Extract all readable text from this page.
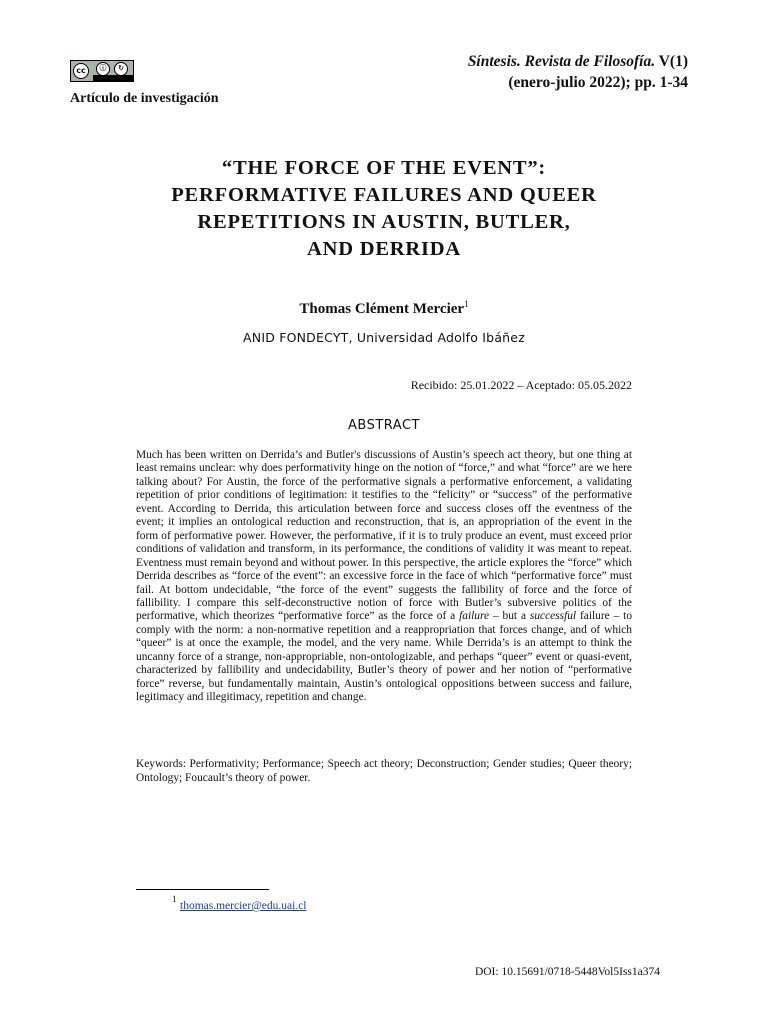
cc	ⓘ	↻
Artículo de investigación
Síntesis. Revista de Filosofía. V(1)
(enero-julio 2022); pp. 1-34
“THE FORCE OF THE EVENT”:
PERFORMATIVE FAILURES AND QUEER
REPETITIONS IN AUSTIN, BUTLER,
AND DERRIDA
Thomas Clément Mercier$^1$
ANID FONDECYT, Universidad Adolfo Ibáñez
Recibido: 25.01.2022 – Aceptado: 05.05.2022
ABSTRACT
Much has been written on Derrida’s and Butler's discussions of Austin’s speech act theory, but one thing at least remains unclear: why does performativity hinge on the notion of “force,” and what “force” are we here talking about? For Austin, the force of the performative signals a performative enforcement, a validating repetition of prior conditions of legitimation: it testifies to the “felicity” or “success” of the performative event. According to Derrida, this articulation between force and success closes off the eventness of the event; it implies an ontological reduction and reconstruction, that is, an appropriation of the event in the form of performative power. However, the performative, if it is to truly produce an event, must exceed prior conditions of validation and transform, in its performance, the conditions of validity it was meant to repeat. Eventness must remain beyond and without power. In this perspective, the article explores the “force” which Derrida describes as “force of the event”: an excessive force in the face of which “performative force” must fail. At bottom undecidable, “the force of the event” suggests the fallibility of force and the force of fallibility. I compare this self-deconstructive notion of force with Butler’s subversive politics of the performative, which theorizes “performative force” as the force of a failure – but a successful failure – to comply with the norm: a non-normative repetition and a reappropriation that forces change, and of which “queer” is at once the example, the model, and the very name. While Derrida’s is an attempt to think the uncanny force of a strange, non-appropriable, non-ontologizable, and perhaps “queer” event or quasi-event, characterized by fallibility and undecidability, Butler’s theory of power and her notion of “performative force” reverse, but fundamentally maintain, Austin’s ontological oppositions between success and failure, legitimacy and illegitimacy, repetition and change.
Keywords: Performativity; Performance; Speech act theory; Deconstruction; Gender studies; Queer theory; Ontology; Foucault’s theory of power.
1
thomas.mercier@edu.uai.cl
DOI: 10.15691/0718-5448Vol5Iss1a374
